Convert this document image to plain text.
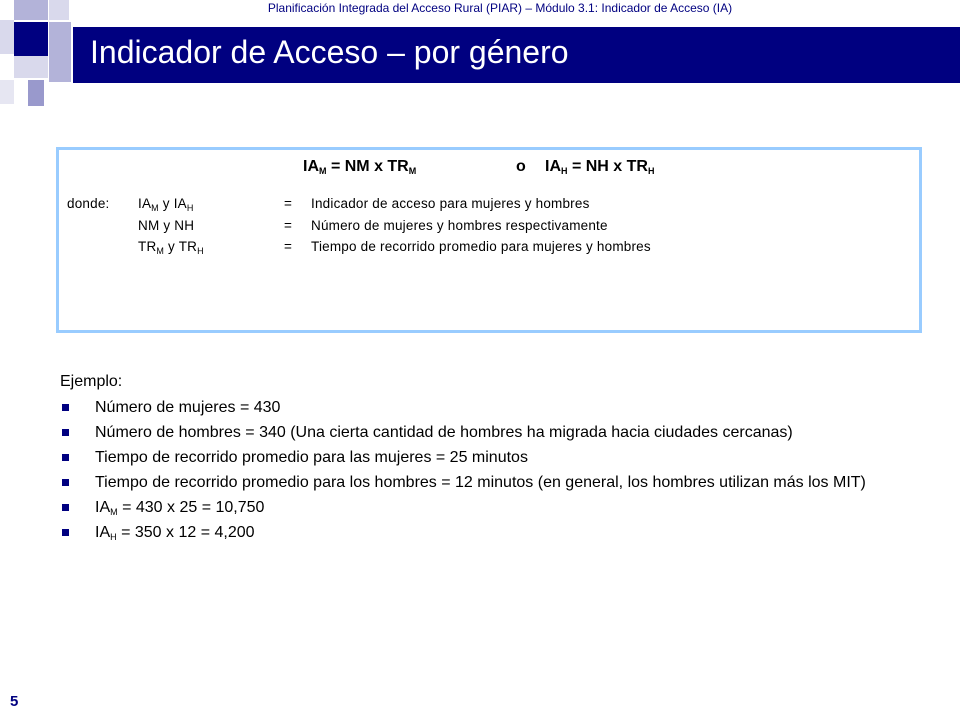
Planificación Integrada del Acceso Rural (PIAR) – Módulo 3.1: Indicador de Acceso (IA)
Indicador de Acceso – por género
$IA_M$ = NM x $TR_M$	o $IA_H$ = NH x $TR_H$
donde: $IA_M$ y $IA_H$	= Indicador de acceso para mujeres y hombres
NM y NH	= Número de mujeres y hombres respectivamente
$TR_M$ y $TR_H$	= Tiempo de recorrido promedio para mujeres y hombres
Ejemplo:
Número de mujeres = 430
Número de hombres = 340 (Una cierta cantidad de hombres ha migrada hacia ciudades cercanas)
Tiempo de recorrido promedio para las mujeres = 25 minutos
Tiempo de recorrido promedio para los hombres = 12 minutos (en general, los hombres utilizan más los MIT)
$IA_M = 430$ x 25 = 10,750
$IA_H = 350$ x 12 = 4,200
5
